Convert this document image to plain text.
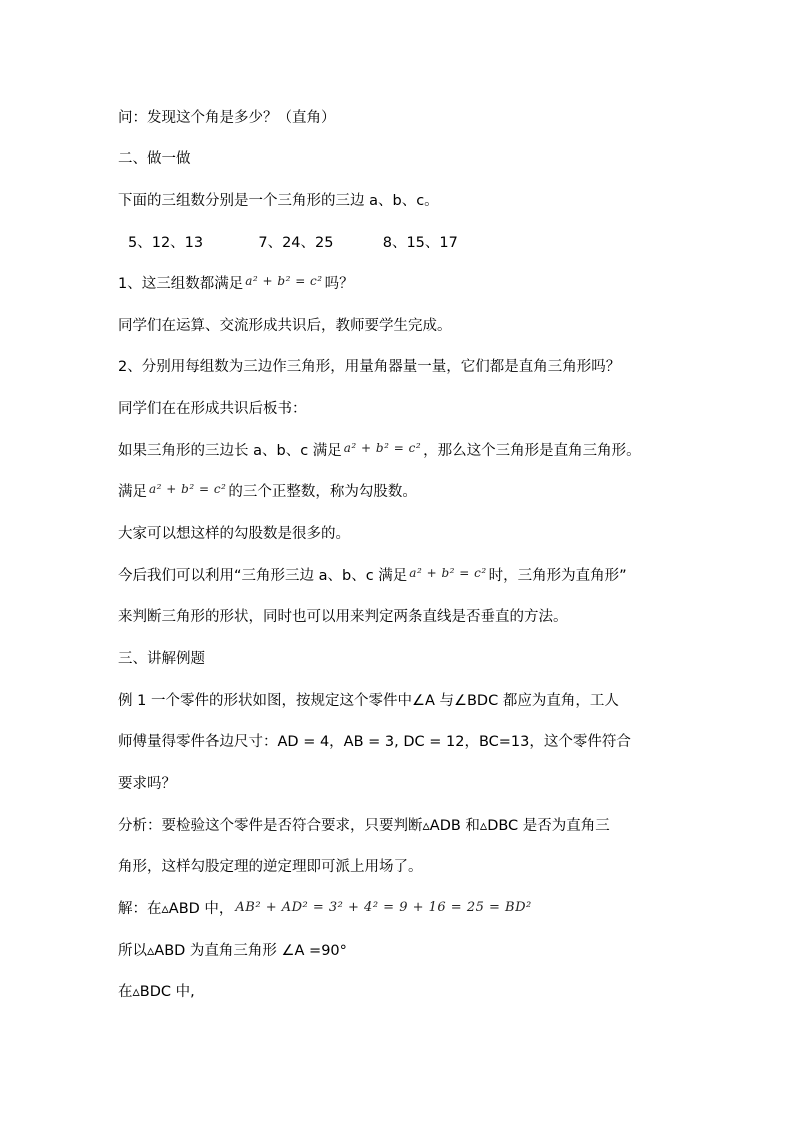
问：发现这个角是多少？（直角）
二、做一做
下面的三组数分别是一个三角形的三边 a、b、c。
5、12、13	7、24、25	8、15、17
1、这三组数都满足 $^{a^2 + b^2 = c^2}$ 吗？
同学们在运算、交流形成共识后，教师要学生完成。
2、分别用每组数为三边作三角形，用量角器量一量，它们都是直角三角形吗？
同学们在在形成共识后板书：
如果三角形的三边长 a、b、c 满足 $^{a^2 + b^2 = c^2}$ ，那么这个三角形是直角三角形。
满足 $^{a^2 + b^2 = c^2}$ 的三个正整数，称为勾股数。
大家可以想这样的勾股数是很多的。
今后我们可以利用“三角形三边 a、b、c 满足 $^{a^2 + b^2 = c^2}$ 时，三角形为直角形”
来判断三角形的形状，同时也可以用来判定两条直线是否垂直的方法。
三、讲解例题
例 1 一个零件的形状如图，按规定这个零件中∠A 与∠BDC 都应为直角，工人
师傅量得零件各边尺寸：AD = 4，AB = 3, DC = 12，BC=13，这个零件符合
要求吗？
分析：要检验这个零件是否符合要求，只要判断▵ADB 和▵DBC 是否为直角三
角形，这样勾股定理的逆定理即可派上用场了。
解：在▵ABD 中， AB² + AD² = 3² + 4² = 9 + 16 = 25 = BD²
所以▵ABD 为直角三角形 ∠A =90°
在▵BDC 中,
